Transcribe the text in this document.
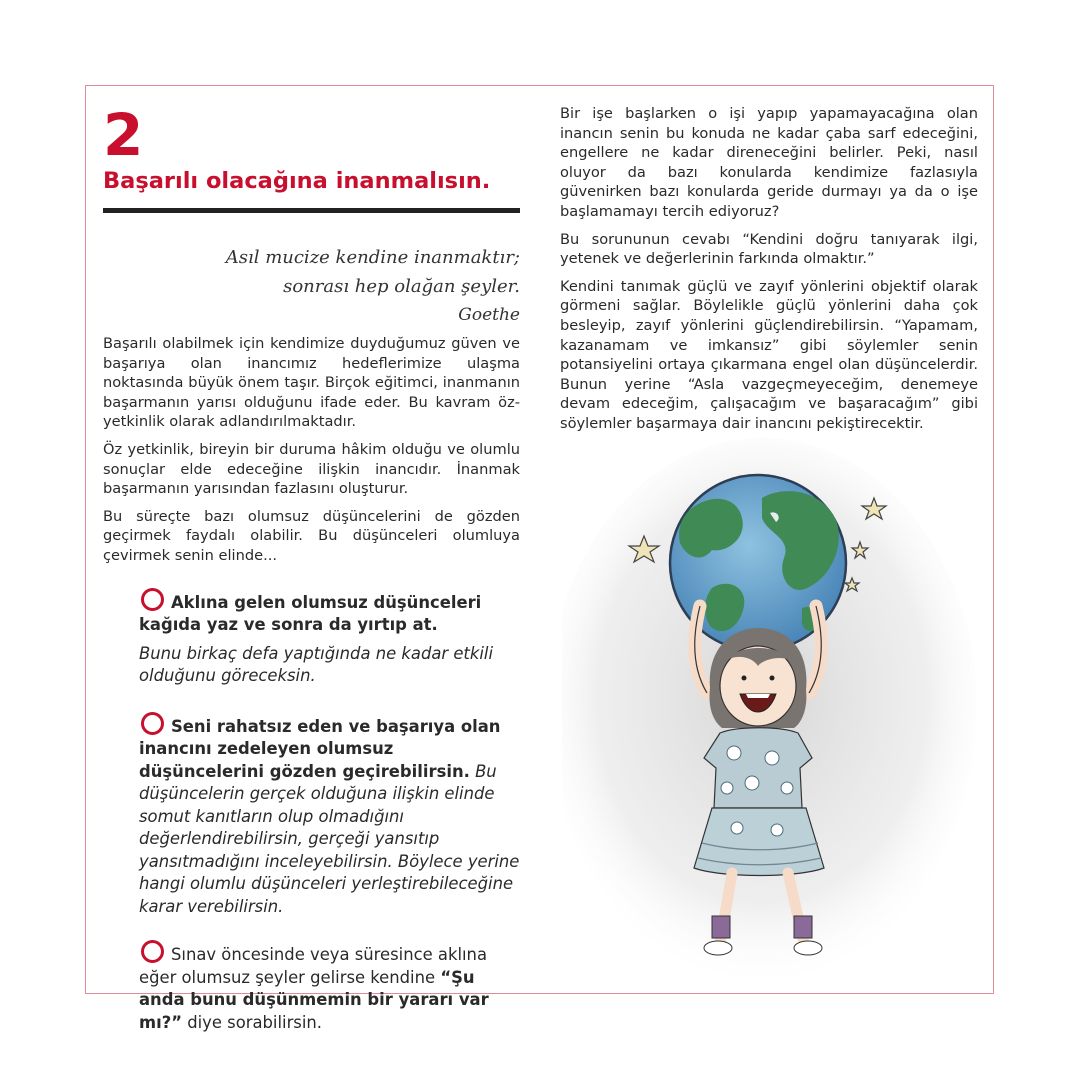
2
Başarılı olacağına inanmalısın.
Asıl mucize kendine inanmaktır;
sonrası hep olağan şeyler.
Goethe

Başarılı olabilmek için kendimize duyduğumuz güven ve başarıya olan inancımız hedeflerimize ulaşma noktasında büyük önem taşır. Birçok eğitimci, inanmanın başarmanın yarısı olduğunu ifade eder. Bu kavram öz-yetkinlik olarak adlandırılmaktadır.

Öz yetkinlik, bireyin bir duruma hâkim olduğu ve olumlu sonuçlar elde edeceğine ilişkin inancıdır. İnanmak başarmanın yarısından fazlasını oluşturur.

Bu süreçte bazı olumsuz düşüncelerini de gözden geçirmek faydalı olabilir. Bu düşünceleri olumluya çevirmek senin elinde...

Aklına gelen olumsuz düşünceleri kağıda yaz ve sonra da yırtıp at.

Bunu birkaç defa yaptığında ne kadar etkili olduğunu göreceksin.

Seni rahatsız eden ve başarıya olan inancını zedeleyen olumsuz düşüncelerini gözden geçirebilirsin. Bu düşüncelerin gerçek olduğuna ilişkin elinde somut kanıtların olup olmadığını değerlendirebilirsin, gerçeği yansıtıp yansıtmadığını inceleyebilirsin. Böylece yerine hangi olumlu düşünceleri yerleştirebileceğine karar verebilirsin.

Sınav öncesinde veya süresince aklına eğer olumsuz şeyler gelirse kendine “Şu anda bunu düşünmemin bir yararı var mı?” diye sorabilirsin.

Bir işe başlarken o işi yapıp yapamayacağına olan inancın senin bu konuda ne kadar çaba sarf edeceğini, engellere ne kadar direneceğini belirler. Peki, nasıl oluyor da bazı konularda kendimize fazlasıyla güvenirken bazı konularda geride durmayı ya da o işe başlamamayı tercih ediyoruz?

Bu sorununun cevabı “Kendini doğru tanıyarak ilgi, yetenek ve değerlerinin farkında olmaktır.”

Kendini tanımak güçlü ve zayıf yönlerini objektif olarak görmeni sağlar. Böylelikle güçlü yönlerini daha çok besleyip, zayıf yönlerini güçlendirebilirsin. “Yapamam, kazanamam ve imkansız” gibi söylemler senin potansiyelini ortaya çıkarmana engel olan düşüncelerdir. Bunun yerine “Asla vazgeçmeyeceğim, denemeye devam edeceğim, çalışacağım ve başaracağım” gibi söylemler başarmaya dair inancını pekiştirecektir.
